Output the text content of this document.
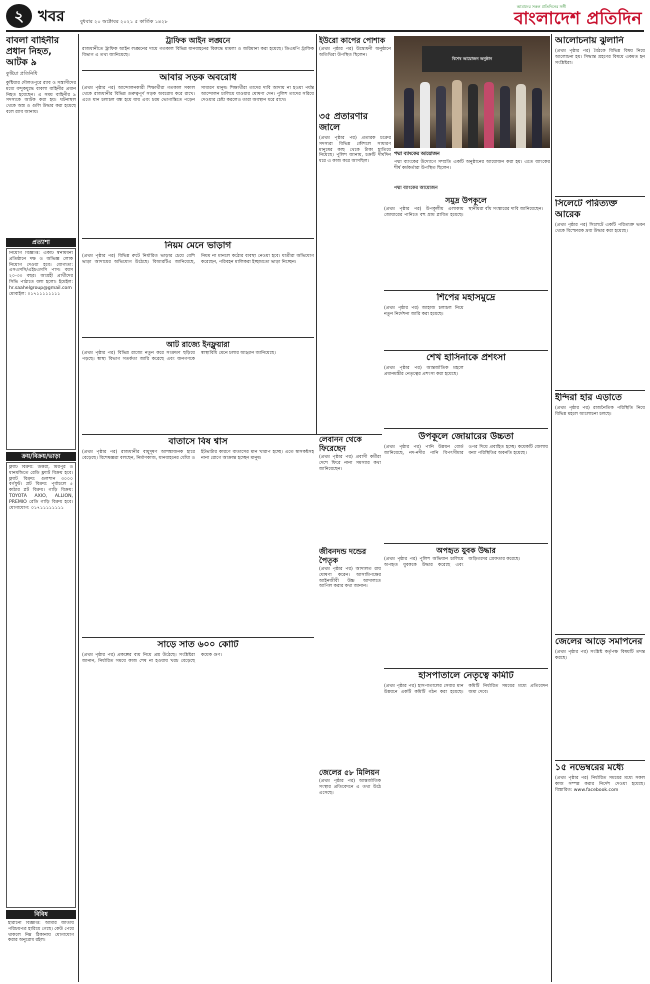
২ খবর	বুধবার ২০ অক্টোবর ২০২১ ৫ কার্তিক ১৪২৮
আমাদের সকল প্রতিদিনের সঙ্গী
বাংলাদেশ প্রতিদিন
বাবলা বাহিনীর প্রধান নিহত, আটক ৯
কুষ্টিয়া প্রতিনিধি

কুষ্টিয়ার দৌলতপুরে র‍্যাব ও সন্ত্রাসীদের মধ্যে বন্দুকযুদ্ধে বাবলা বাহিনীর প্রধান নিহত হয়েছেন। এ সময় বাহিনীর ৯ সদস্যকে আটক করা হয়। ঘটনাস্থল থেকে অস্ত্র ও গুলি উদ্ধার করা হয়েছে বলে র‍্যাব জানায়।

প্রত্যাশা

নিয়োগ বিজ্ঞপ্তি: একটি স্বনামধন্য প্রতিষ্ঠানে দক্ষ ও অভিজ্ঞ লোক নিয়োগ দেওয়া হবে। যোগ্যতা: এসএসসি/এইচএসসি পাস। বয়স ২০-৩০ বছর। আগ্রহী প্রার্থীদের সিভি পাঠাতে বলা হলো। ইমেইল: hr.saahelgroup@gmail.com মোবাইল: ০১৭১১১১১১১১

ক্রয়/বিক্রয়/ভাড়া

ফ্ল্যাট বিক্রয়: উত্তরা, মিরপুর ও ধানমন্ডিতে রেডি ফ্ল্যাট বিক্রয় হবে। ফ্ল্যাট বিক্রয়: গুলশান ৩০০০ বর্গফুট। প্লট বিক্রয়: পূর্বাচলে ৫ কাঠার প্লট বিক্রয়। গাড়ি বিক্রয়: TOYOTA AXIO, ALLION, PREMIO রেডি গাড়ি বিক্রয় হবে। যোগাযোগ: ০১৭১১১১১১১১

বিবিধ

হারানো বিজ্ঞপ্তি: আমার জাতীয় পরিচয়পত্র হারিয়ে গেছে। কেউ পেয়ে থাকলে নিম্ন ঠিকানায় যোগাযোগ করার অনুরোধ রইল।

ট্রাফিক আইন লঙ্ঘনে

রাজধানীতে ট্রাফিক আইন লঙ্ঘনের দায়ে গতকাল বিভিন্ন যানবাহনের বিরুদ্ধে মামলা ও জরিমানা করা হয়েছে। ডিএমপি ট্রাফিক বিভাগ এ তথ্য জানিয়েছে।

আবার সড়ক অবরোধ

(প্রথম পৃষ্ঠার পর) আন্দোলনকারী শিক্ষার্থীরা গতকাল সকাল থেকে রাজধানীর বিভিন্ন গুরুত্বপূর্ণ সড়ক অবরোধ করে রাখে। এতে যান চলাচল বন্ধ হয়ে যায় এবং চরম ভোগান্তিতে পড়েন সাধারণ মানুষ। শিক্ষার্থীরা তাদের দাবি আদায় না হওয়া পর্যন্ত আন্দোলন চালিয়ে যাওয়ার ঘোষণা দেন। পুলিশ তাদের সরিয়ে দেওয়ার চেষ্টা করলেও তারা অবস্থান ধরে রাখে।

নিয়ম মেনে ভাড়াগ

(প্রথম পৃষ্ঠার পর) বিভিন্ন রুটে নির্ধারিত ভাড়ার চেয়ে বেশি ভাড়া আদায়ের অভিযোগ উঠেছে। বিআরটিএ জানিয়েছে, নিয়ম না মানলে কঠোর ব্যবস্থা নেওয়া হবে। যাত্রীরা অভিযোগ করেছেন, পরিবহন মালিকরা ইচ্ছামতো ভাড়া নিচ্ছেন।

আট রাজ্যে ইনফ্লুয়ারা

(প্রথম পৃষ্ঠার পর) বিভিন্ন রাজ্যে নতুন করে সংক্রমণ ছড়িয়ে পড়ছে। স্বাস্থ্য বিভাগ সতর্কতা জারি করেছে এবং জনগণকে স্বাস্থ্যবিধি মেনে চলার আহ্বান জানিয়েছে।

বাতাসে বিষ শ্বাস

(প্রথম পৃষ্ঠার পর) রাজধানীর বায়ুদূষণ আশঙ্কাজনক হারে বেড়েছে। বিশেষজ্ঞরা বলছেন, নির্মাণকাজ, যানবাহনের ধোঁয়া ও ইটভাটার কারণে বাতাসের মান খারাপ হচ্ছে। এতে শ্বাসকষ্টসহ নানা রোগে আক্রান্ত হচ্ছেন মানুষ।

সাড়ে সাত ৬০০ কোটি

(প্রথম পৃষ্ঠার পর) প্রকল্পের ব্যয় নিয়ে প্রশ্ন উঠেছে। সংশ্লিষ্টরা জানান, নির্ধারিত সময়ে কাজ শেষ না হওয়ায় খরচ বেড়েছে কয়েক গুণ।

ইউরো কাপের পোশাক

(প্রথম পৃষ্ঠার পর) উদ্বোধনী অনুষ্ঠানে অতিথিরা উপস্থিত ছিলেন।

৩৫ প্রতারণার জালে

(প্রথম পৃষ্ঠার পর) প্রতারক চক্রের সদস্যরা বিভিন্ন কৌশলে সাধারণ মানুষের কাছ থেকে টাকা হাতিয়ে নিয়েছে। পুলিশ জানায়, চক্রটি দীর্ঘদিন ধরে এ কাজ করে আসছিল।

লেবানন থেকে ফিরেছেন

(প্রথম পৃষ্ঠার পর) প্রবাসী কর্মীরা দেশে ফিরে নানা সমস্যার কথা জানিয়েছেন।

জীবনদন্ড দন্ডের পৈতৃক

(প্রথম পৃষ্ঠার পর) আদালত রায় ঘোষণা করেন। আসামিপক্ষের আইনজীবী উচ্চ আদালতে আপিল করার কথা জানান।

জেলের ৫৮ মিলিয়ন

(প্রথম পৃষ্ঠার পর) আন্তর্জাতিক সংস্থার প্রতিবেদনে এ তথ্য উঠে এসেছে।

বিশেষ আয়োজন অনুষ্ঠান
পদ্মা ব্যাংকের আয়োজন

পদ্মা ব্যাংকের উদ্যোগে সম্প্রতি একটি অনুষ্ঠানের আয়োজন করা হয়। এতে ব্যাংকের শীর্ষ কর্মকর্তারা উপস্থিত ছিলেন।

পদ্মা ব্যাংকের আয়োজন
সমুদ্র উপকূলে

(প্রথম পৃষ্ঠার পর) উপকূলীয় এলাকায় জোয়ারের পানিতে বহু গ্রাম প্লাবিত হয়েছে। স্থানীয়রা বাঁধ সংস্কারের দাবি জানিয়েছেন।

শিপের মহাসমুদ্রে

(প্রথম পৃষ্ঠার পর) জাহাজ চলাচল নিয়ে নতুন নির্দেশনা জারি করা হয়েছে।

শেখ হাসিনাকে প্রশংসা

(প্রথম পৃষ্ঠার পর) আন্তর্জাতিক মহলে প্রধানমন্ত্রীর নেতৃত্বের প্রশংসা করা হয়েছে।

উপকূলে জোয়ারের উচ্চতা

(প্রথম পৃষ্ঠার পর) পানি উন্নয়ন বোর্ড জানিয়েছে, নদ-নদীর পানি বিপৎসীমার ওপর দিয়ে প্রবাহিত হচ্ছে। কয়েকটি জেলায় বন্যা পরিস্থিতির অবনতি হয়েছে।

অপহৃত যুবক উদ্ধার

(প্রথম পৃষ্ঠার পর) পুলিশ অভিযান চালিয়ে অপহৃত যুবককে উদ্ধার করেছে এবং জড়িতদের গ্রেফতার করেছে।

হাসপাতালে নেতৃত্বে কমিটি

(প্রথম পৃষ্ঠার পর) হাসপাতালের সেবার মান উন্নয়নে একটি কমিটি গঠন করা হয়েছে। কমিটি নির্ধারিত সময়ের মধ্যে প্রতিবেদন জমা দেবে।

আলোচনায় ঝুলানি

(প্রথম পৃষ্ঠার পর) বৈঠকে বিভিন্ন বিষয় নিয়ে আলোচনা হয়। সিদ্ধান্ত গ্রহণের বিষয়ে একমত হন সংশ্লিষ্টরা।

সিলেটে পরিত্যক্ত আরেক

(প্রথম পৃষ্ঠার পর) সিলেটে একটি পরিত্যক্ত ভবন থেকে বিস্ফোরক দ্রব্য উদ্ধার করা হয়েছে।

ইন্দিরা হার এড়াতে

(প্রথম পৃষ্ঠার পর) রাজনৈতিক পরিস্থিতি নিয়ে বিভিন্ন মহলে আলোচনা চলছে।

জেলের আড়ে সমাপনের

(প্রথম পৃষ্ঠার পর) সংশ্লিষ্ট কর্তৃপক্ষ বিষয়টি তদন্ত করছে।

১৫ নভেম্বরের মধ্যে

(প্রথম পৃষ্ঠার পর) নির্ধারিত সময়ের মধ্যে সকল কাজ সম্পন্ন করার নির্দেশ দেওয়া হয়েছে। বিস্তারিত: www.facebook.com
